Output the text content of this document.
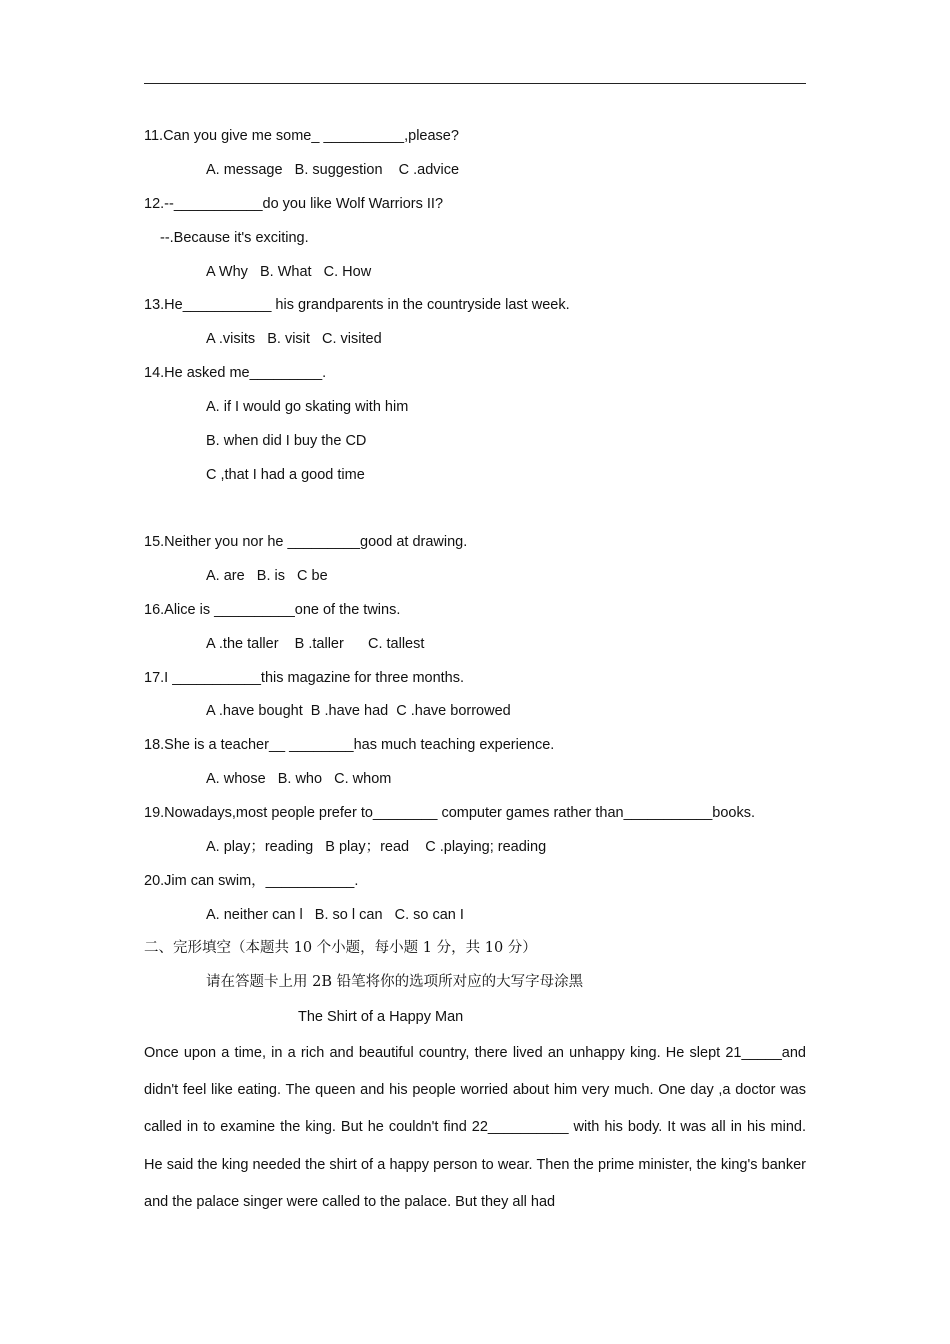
11.Can you give me some_ __________,please?
A. message   B. suggestion    C .advice
12.--___________do you like Wolf Warriors II?
--.Because it's exciting.
A Why   B. What   C. How
13.He___________ his grandparents in the countryside last week.
A .visits   B. visit   C. visited
14.He asked me_________.
A. if I would go skating with him
B. when did I buy the CD
C ,that I had a good time
15.Neither you nor he _________good at drawing.
A. are   B. is   C be
16.Alice is __________one of the twins.
A .the taller    B .taller      C. tallest
17.I ___________this magazine for three months.
A .have bought  B .have had  C .have borrowed
18.She is a teacher__ ________has much teaching experience.
A. whose   B. who   C. whom
19.Nowadays,most people prefer to________ computer games rather than___________books.
A. play；reading   B play；read    C .playing; reading
20.Jim can swim，___________.
A. neither can l   B. so l can   C. so can I
二、完形填空（本题共 10 个小题，每小题 1 分，共 10 分）
请在答题卡上用 2B 铅笔将你的选项所对应的大写字母涂黑
The Shirt of a Happy Man
Once upon a time, in a rich and beautiful country, there lived an unhappy king. He slept 21_____and didn't feel like eating. The queen and his people worried about him very much. One day ,a doctor was called in to examine the king. But he couldn't find 22__________ with his body. It was all in his mind. He said the king needed the shirt of a happy person to wear. Then the prime minister, the king's banker and the palace singer were called to the palace. But they all had
